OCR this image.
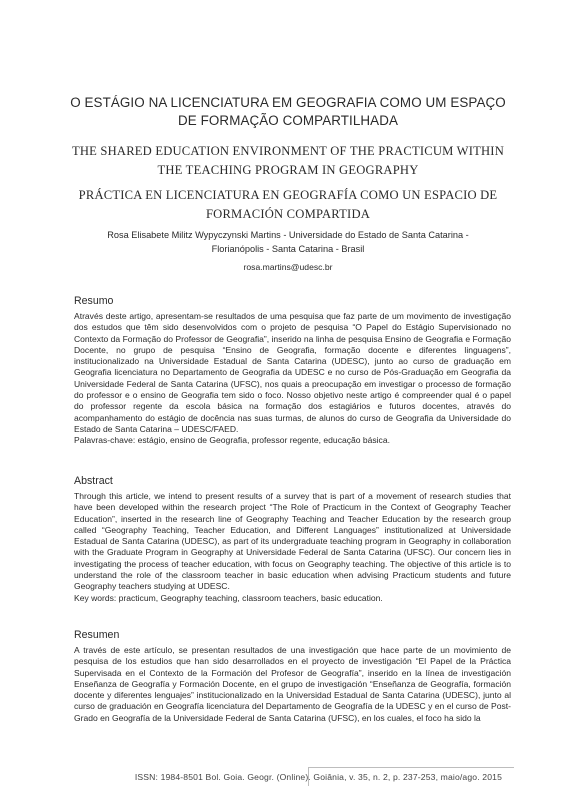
O ESTÁGIO NA LICENCIATURA EM GEOGRAFIA COMO UM ESPAÇO DE FORMAÇÃO COMPARTILHADA
THE SHARED EDUCATION ENVIRONMENT OF THE PRACTICUM WITHIN THE TEACHING PROGRAM IN GEOGRAPHY
PRÁCTICA EN LICENCIATURA EN GEOGRAFÍA COMO UN ESPACIO DE FORMACIÓN COMPARTIDA
Rosa Elisabete Militz Wypyczynski Martins - Universidade do Estado de Santa Catarina -
Florianópolis - Santa Catarina - Brasil
rosa.martins@udesc.br
Resumo

Através deste artigo, apresentam-se resultados de uma pesquisa que faz parte de um movimento de investigação dos estudos que têm sido desenvolvidos com o projeto de pesquisa “O Papel do Estágio Supervisionado no Contexto da Formação do Professor de Geografia”, inserido na linha de pesquisa Ensino de Geografia e Formação Docente, no grupo de pesquisa “Ensino de Geografia, formação docente e diferentes linguagens”, institucionalizado na Universidade Estadual de Santa Catarina (UDESC), junto ao curso de graduação em Geografia licenciatura no Departamento de Geografia da UDESC e no curso de Pós-Graduação em Geografia da Universidade Federal de Santa Catarina (UFSC), nos quais a preocupação em investigar o processo de formação do professor e o ensino de Geografia tem sido o foco. Nosso objetivo neste artigo é compreender qual é o papel do professor regente da escola básica na formação dos estagiários e futuros docentes, através do acompanhamento do estágio de docência nas suas turmas, de alunos do curso de Geografia da Universidade do Estado de Santa Catarina – UDESC/FAED.

Palavras-chave: estágio, ensino de Geografia, professor regente, educação básica.

Abstract

Through this article, we intend to present results of a survey that is part of a movement of research studies that have been developed within the research project “The Role of Practicum in the Context of Geography Teacher Education”, inserted in the research line of Geography Teaching and Teacher Education by the research group called “Geography Teaching, Teacher Education, and Different Languages” institutionalized at Universidade Estadual de Santa Catarina (UDESC), as part of its undergraduate teaching program in Geography in collaboration with the Graduate Program in Geography at Universidade Federal de Santa Catarina (UFSC). Our concern lies in investigating the process of teacher education, with focus on Geography teaching. The objective of this article is to understand the role of the classroom teacher in basic education when advising Practicum students and future Geography teachers studying at UDESC.

Key words: practicum, Geography teaching, classroom teachers, basic education.

Resumen

A través de este artículo, se presentan resultados de una investigación que hace parte de un movimiento de pesquisa de los estudios que han sido desarrollados en el proyecto de investigación “El Papel de la Práctica Supervisada en el Contexto de la Formación del Profesor de Geografía”, inserido en la línea de investigación Enseñanza de Geografía y Formación Docente, en el grupo de investigación “Enseñanza de Geografía, formación docente y diferentes lenguajes” institucionalizado en la Universidad Estadual de Santa Catarina (UDESC), junto al curso de graduación en Geografía licenciatura del Departamento de Geografía de la UDESC y en el curso de Post-Grado en Geografía de la Universidade Federal de Santa Catarina (UFSC), en los cuales, el foco ha sido la

ISSN: 1984-8501 Bol. Goia. Geogr. (Online). Goiânia, v. 35, n. 2, p. 237-253, maio/ago. 2015
